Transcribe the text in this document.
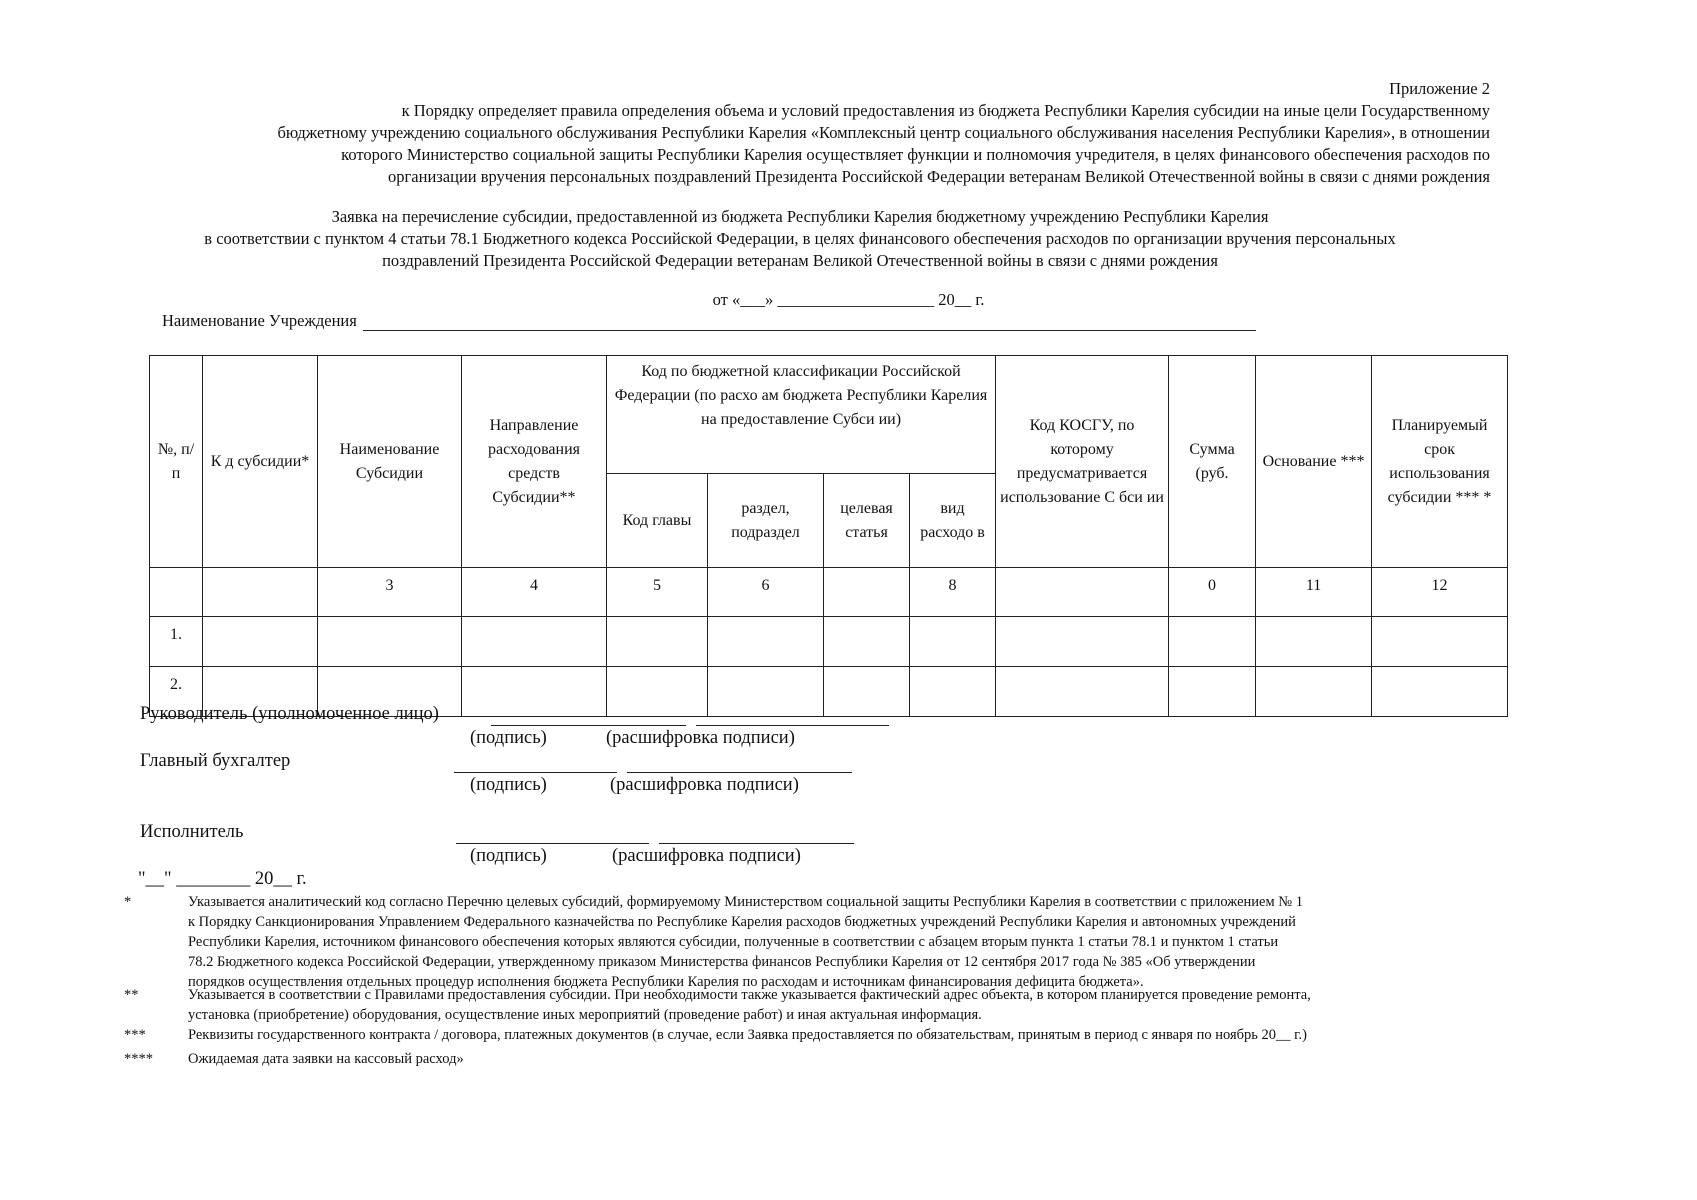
Приложение 2
к Порядку определяет правила определения объема и условий предоставления из бюджета Республики Карелия субсидии на иные цели Государственному
бюджетному учреждению социального обслуживания Республики Карелия «Комплексный центр социального обслуживания населения Республики Карелия», в отношении
которого Министерство социальной защиты Республики Карелия осуществляет функции и полномочия учредителя, в целях финансового обеспечения расходов по
организации вручения персональных поздравлений Президента Российской Федерации ветеранам Великой Отечественной войны в связи с днями рождения
Заявка на перечисление субсидии, предоставленной из бюджета Республики Карелия бюджетному учреждению Республики Карелия
в соответствии с пунктом 4 статьи 78.1 Бюджетного кодекса Российской Федерации, в целях финансового обеспечения расходов по организации вручения персональных
поздравлений Президента Российской Федерации ветеранам Великой Отечественной войны в связи с днями рождения
от «___» ___________________ 20__ г.
Наименование Учреждения
№, п/ п	К д субсидии*	Наименование Субсидии	Направление расходования средств Субсидии**	Код по бюджетной классификации Российской Федерации (по расхо ам бюджета Республики Карелия на предоставление Субси ии)				Код КОСГУ, по которому предусматривается использование С бси ии	Сумма (руб.	Основание ***	Планируемый срок использования субсидии *** *
				Код главы	раздел, подраздел	целевая статья	вид расходо в				
		3	4	5	6		8		0	11	12
1.											
2.											
Руководитель (уполномоченное лицо)
(подпись)	(расшифровка подписи)
Главный бухгалтер
(подпись)	(расшифровка подписи)
Исполнитель
(подпись)	(расшифровка подписи)
"__" ________ 20__ г.
*	Указывается аналитический код согласно Перечню целевых субсидий, формируемому Министерством социальной защиты Республики Карелия в соответствии с приложением № 1
к Порядку Санкционирования Управлением Федерального казначейства по Республике Карелия расходов бюджетных учреждений Республики Карелия и автономных учреждений
Республики Карелия, источником финансового обеспечения которых являются субсидии, полученные в соответствии с абзацем вторым пункта 1 статьи 78.1 и пунктом 1 статьи
78.2 Бюджетного кодекса Российской Федерации, утвержденному приказом Министерства финансов Республики Карелия от 12 сентября 2017 года № 385 «Об утверждении
порядков осуществления отдельных процедур исполнения бюджета Республики Карелия по расходам и источникам финансирования дефицита бюджета».
**	Указывается в соответствии с Правилами предоставления субсидии. При необходимости также указывается фактический адрес объекта, в котором планируется проведение ремонта,
установка (приобретение) оборудования, осуществление иных мероприятий (проведение работ) и иная актуальная информация.
***	Реквизиты государственного контракта / договора, платежных документов (в случае, если Заявка предоставляется по обязательствам, принятым в период с января по ноябрь 20__ г.)
**** Ожидаемая дата заявки на кассовый расход»
